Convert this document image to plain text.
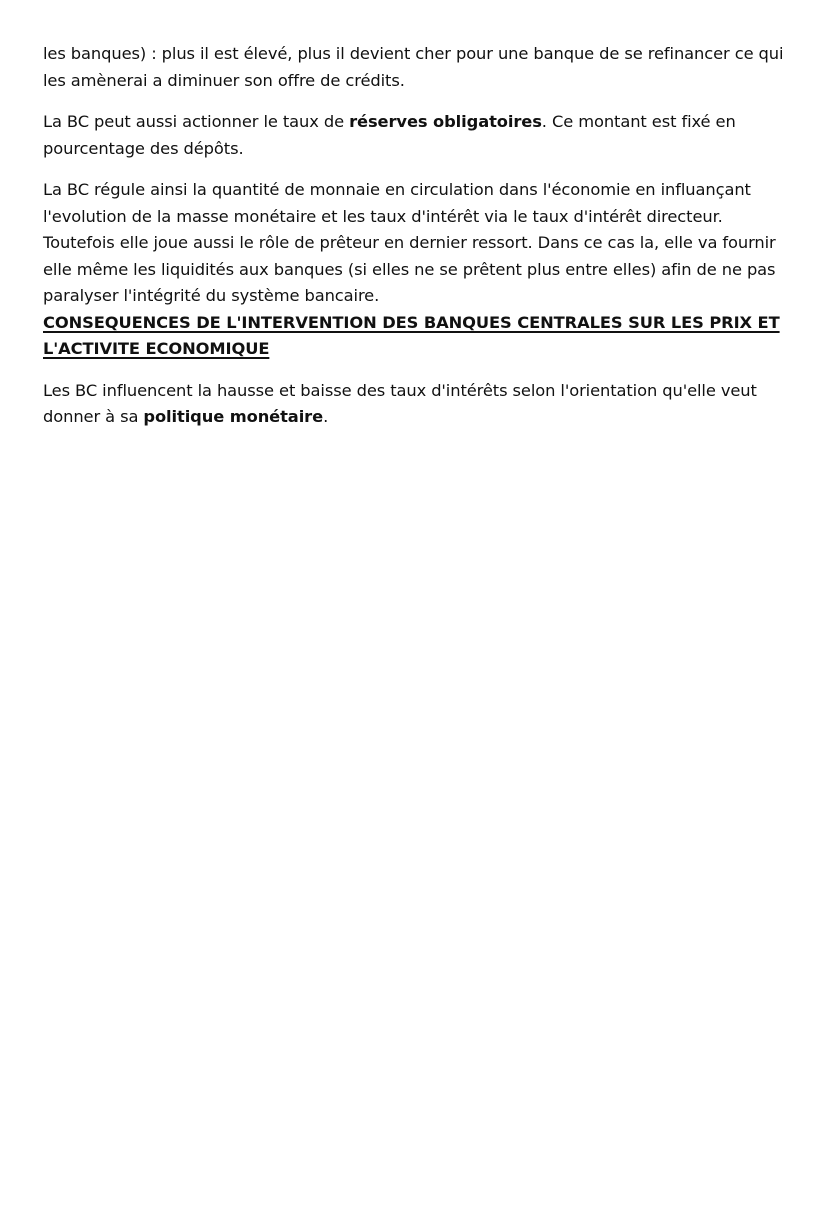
les banques) : plus il est élevé, plus il devient cher pour une banque de se refinancer ce qui les amènerai a diminuer son offre de crédits.

La BC peut aussi actionner le taux de réserves obligatoires. Ce montant est fixé en pourcentage des dépôts.

La BC régule ainsi la quantité de monnaie en circulation dans l'économie en influançant l'evolution de la masse monétaire et les taux d'intérêt via le taux d'intérêt directeur. Toutefois elle joue aussi le rôle de prêteur en dernier ressort. Dans ce cas la, elle va fournir elle même les liquidités aux banques (si elles ne se prêtent plus entre elles) afin de ne pas paralyser l'intégrité du système bancaire.

CONSEQUENCES DE L'INTERVENTION DES BANQUES CENTRALES SUR LES PRIX ET L'ACTIVITE ECONOMIQUE

Les BC influencent la hausse et baisse des taux d'intérêts selon l'orientation qu'elle veut donner à sa politique monétaire.
